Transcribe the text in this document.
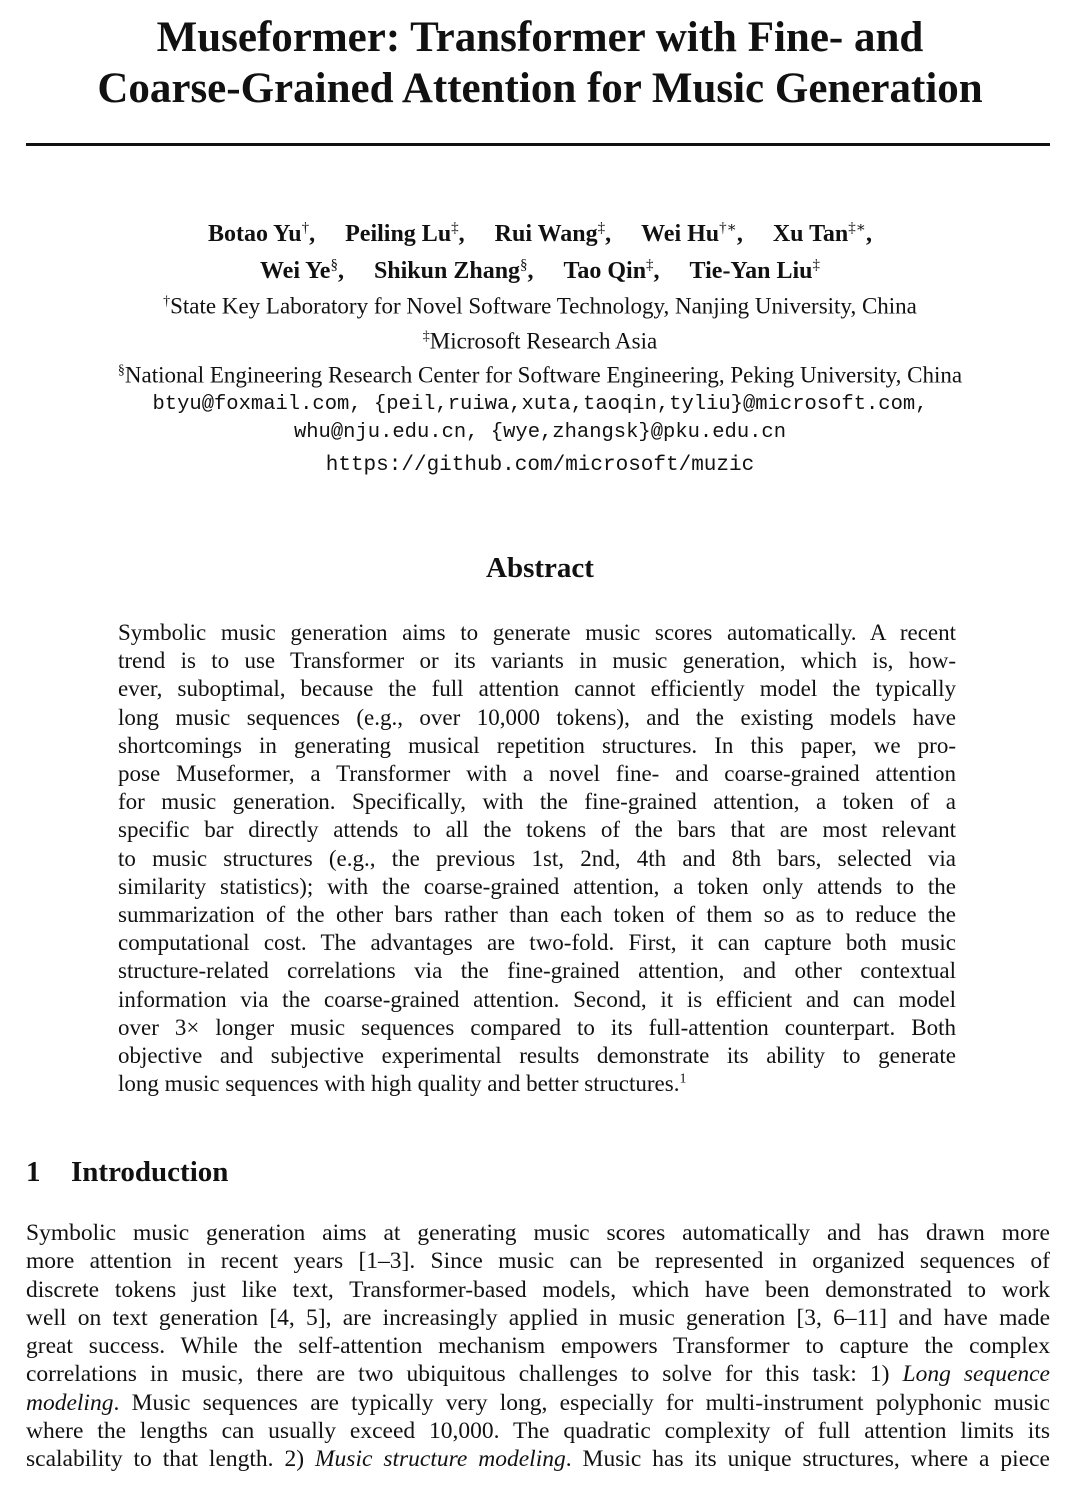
Museformer: Transformer with Fine- and
Coarse-Grained Attention for Music Generation
Botao Yu†, Peiling Lu‡, Rui Wang‡, Wei Hu†∗, Xu Tan‡∗,
Wei Ye§, Shikun Zhang§, Tao Qin‡, Tie-Yan Liu‡
†State Key Laboratory for Novel Software Technology, Nanjing University, China
‡Microsoft Research Asia
§National Engineering Research Center for Software Engineering, Peking University, China
btyu@foxmail.com, {peil,ruiwa,xuta,taoqin,tyliu}@microsoft.com,
whu@nju.edu.cn, {wye,zhangsk}@pku.edu.cn
https://github.com/microsoft/muzic
Abstract
Symbolic music generation aims to generate music scores automatically. A recent
trend is to use Transformer or its variants in music generation, which is, how-
ever, suboptimal, because the full attention cannot efficiently model the typically
long music sequences (e.g., over 10,000 tokens), and the existing models have
shortcomings in generating musical repetition structures. In this paper, we pro-
pose Museformer, a Transformer with a novel fine- and coarse-grained attention
for music generation. Specifically, with the fine-grained attention, a token of a
specific bar directly attends to all the tokens of the bars that are most relevant
to music structures (e.g., the previous 1st, 2nd, 4th and 8th bars, selected via
similarity statistics); with the coarse-grained attention, a token only attends to the
summarization of the other bars rather than each token of them so as to reduce the
computational cost. The advantages are two-fold. First, it can capture both music
structure-related correlations via the fine-grained attention, and other contextual
information via the coarse-grained attention. Second, it is efficient and can model
over 3× longer music sequences compared to its full-attention counterpart. Both
objective and subjective experimental results demonstrate its ability to generate
long music sequences with high quality and better structures.$^1$
1 Introduction
Symbolic music generation aims at generating music scores automatically and has drawn more
more attention in recent years [1–3]. Since music can be represented in organized sequences of
discrete tokens just like text, Transformer-based models, which have been demonstrated to work
well on text generation [4, 5], are increasingly applied in music generation [3, 6–11] and have made
great success. While the self-attention mechanism empowers Transformer to capture the complex
correlations in music, there are two ubiquitous challenges to solve for this task: 1) Long sequence
modeling. Music sequences are typically very long, especially for multi-instrument polyphonic music
where the lengths can usually exceed 10,000. The quadratic complexity of full attention limits its
scalability to that length. 2) Music structure modeling. Music has its unique structures, where a piece
